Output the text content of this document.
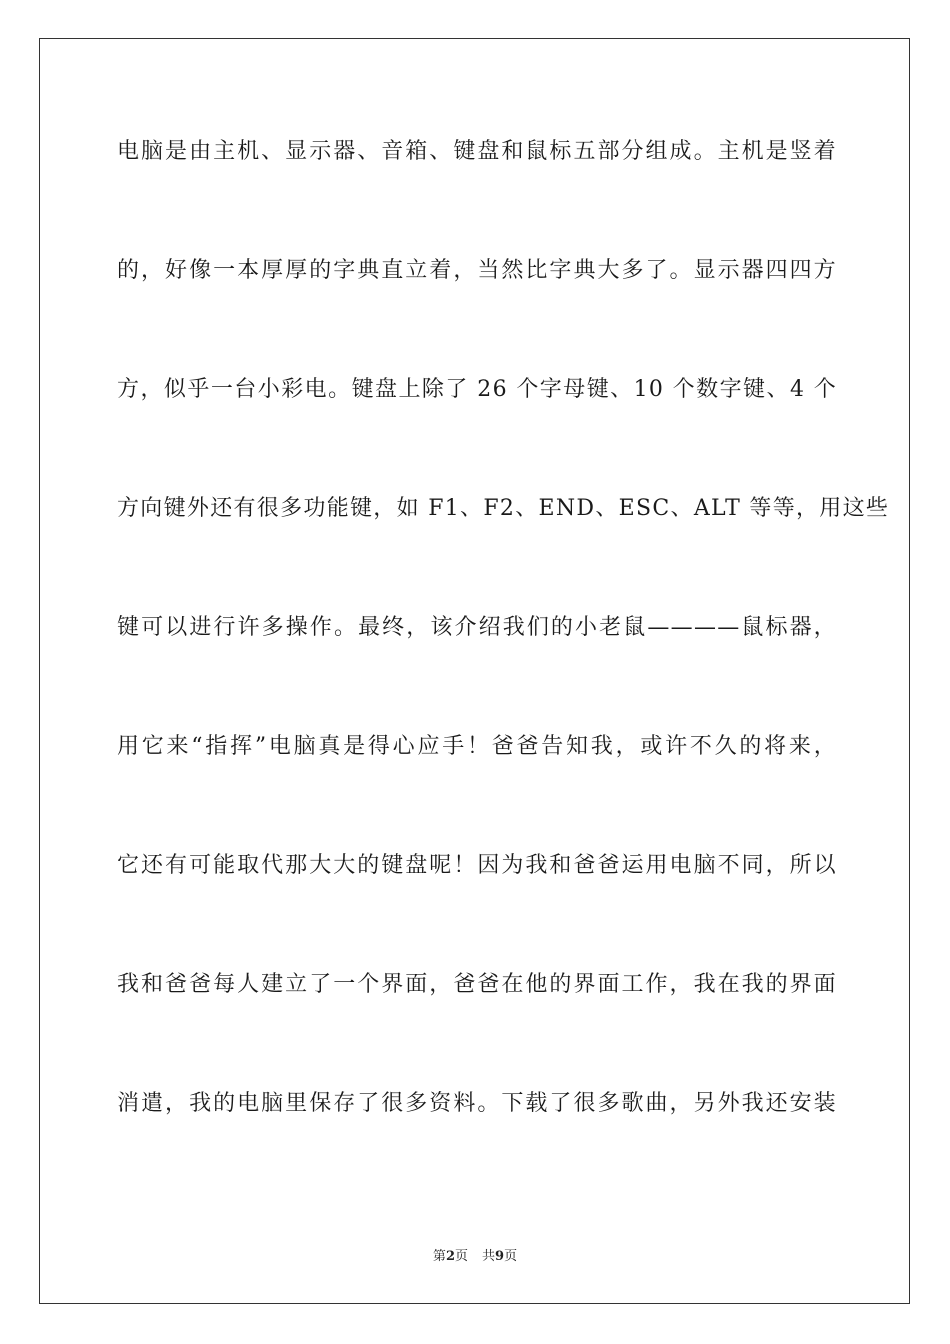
电脑是由主机、显示器、音箱、键盘和鼠标五部分组成。主机是竖着
的，好像一本厚厚的字典直立着，当然比字典大多了。显示器四四方
方，似乎一台小彩电。键盘上除了 26 个字母键、10 个数字键、4 个
方向键外还有很多功能键，如 F1、F2、END、ESC、ALT 等等，用这些
键可以进行许多操作。最终，该介绍我们的小老鼠————鼠标器，
用它来“指挥”电脑真是得心应手！爸爸告知我，或许不久的将来，
它还有可能取代那大大的键盘呢！因为我和爸爸运用电脑不同，所以
我和爸爸每人建立了一个界面，爸爸在他的界面工作，我在我的界面
消遣，我的电脑里保存了很多资料。下载了很多歌曲，另外我还安装
第2页 共9页
